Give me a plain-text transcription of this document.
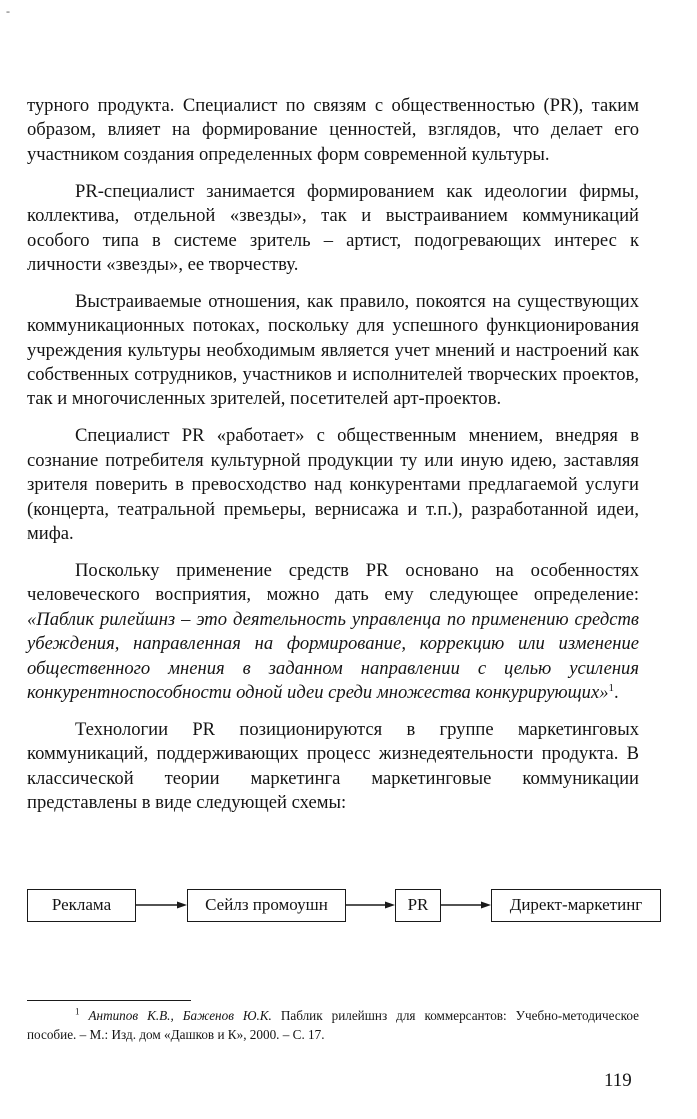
-

турного продукта. Специалист по связям с общественностью (PR), таким образом, влияет на формирование ценностей, взглядов, что делает его участником создания определенных форм современной культуры.

PR-специалист занимается формированием как идеологии фирмы, коллектива, отдельной «звезды», так и выстраиванием коммуникаций особого типа в системе зритель – артист, подогревающих интерес к личности «звезды», ее творчеству.

Выстраиваемые отношения, как правило, покоятся на существующих коммуникационных потоках, поскольку для успешного функционирования учреждения культуры необходимым является учет мнений и настроений как собственных сотрудников, участников и исполнителей творческих проектов, так и многочисленных зрителей, посетителей арт-проектов.

Специалист PR «работает» с общественным мнением, внедряя в сознание потребителя культурной продукции ту или иную идею, заставляя зрителя поверить в превосходство над конкурентами предлагаемой услуги (концерта, театральной премьеры, вернисажа и т.п.), разработанной идеи, мифа.

Поскольку применение средств PR основано на особенностях человеческого восприятия, можно дать ему следующее определение: «Паблик рилейшнз – это деятельность управленца по применению средств убеждения, направленная на формирование, коррекцию или изменение общественного мнения в заданном направлении с целью усиления конкурентноспособности одной идеи среди множества конкурирующих»$^1$.

Технологии PR позиционируются в группе маркетинговых коммуникаций, поддерживающих процесс жизнедеятельности продукта. В классической теории маркетинга маркетинговые коммуникации представлены в виде следующей схемы:

Реклама	Сейлз промоушн	PR	Директ-маркетинг
$^1$ Антипов К.В., Баженов Ю.К. Паблик рилейшнз для коммерсантов: Учебно-методическое пособие. – М.: Изд. дом «Дашков и К», 2000. – С. 17.
119
